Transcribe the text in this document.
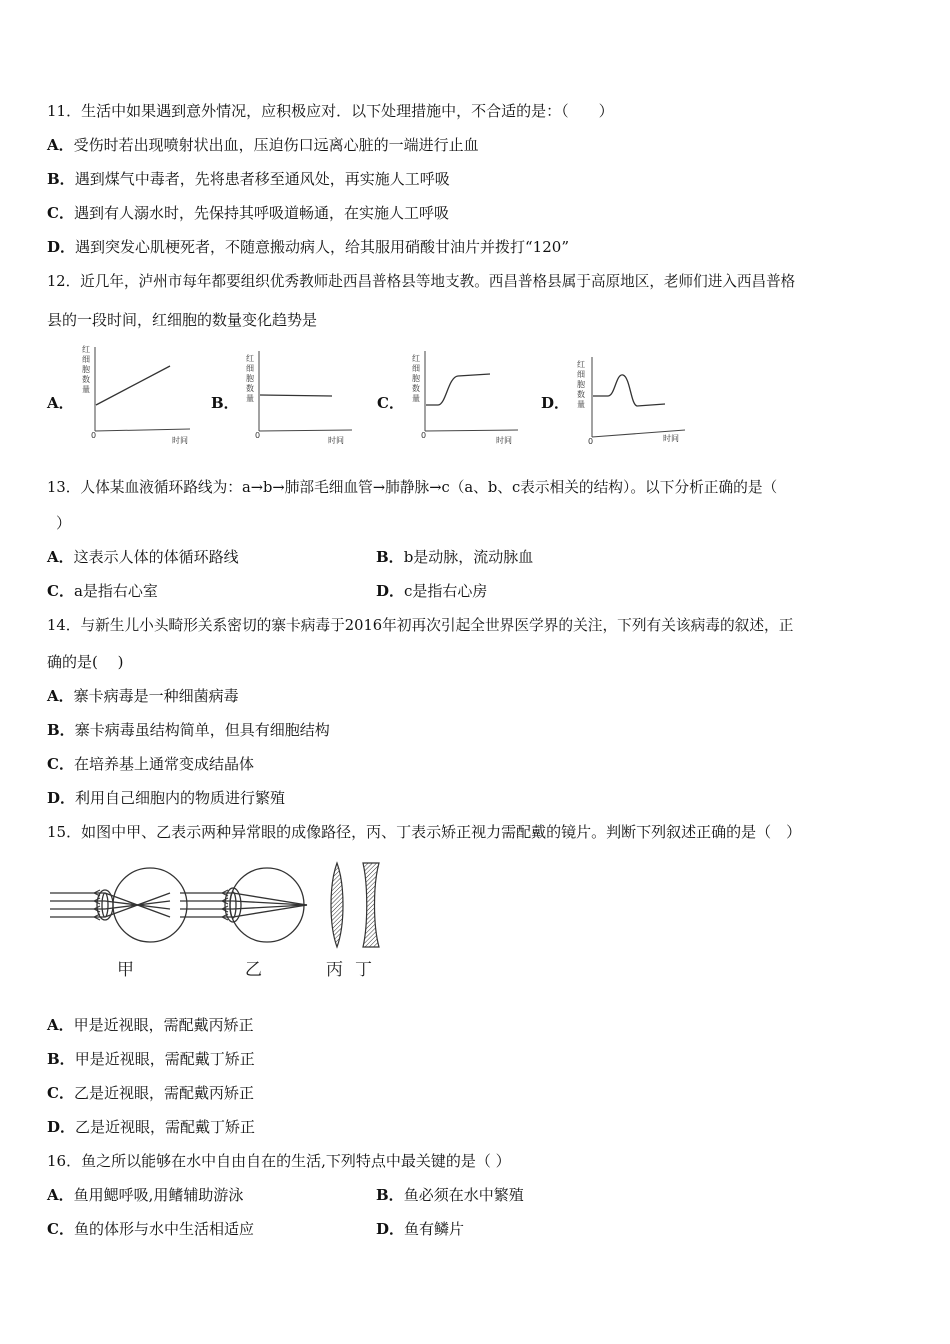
11．生活中如果遇到意外情况，应积极应对．以下处理措施中，不合适的是：（　　）
A．受伤时若出现喷射状出血，压迫伤口远离心脏的一端进行止血
B．遇到煤气中毒者，先将患者移至通风处，再实施人工呼吸
C．遇到有人溺水时，先保持其呼吸道畅通，在实施人工呼吸
D．遇到突发心肌梗死者，不随意搬动病人，给其服用硝酸甘油片并拨打“120”
12．近几年，泸州市每年都要组织优秀教师赴西昌普格县等地支教。西昌普格县属于高原地区，老师们进入西昌普格
县的一段时间，红细胞的数量变化趋势是
A．
红
细
胞
数
量
0
时间
B．
红
细
胞
数
量
0
时间
C．
红
细
胞
数
量
0
时间
D．
红
细
胞
数
量
0	时间
13．人体某血液循环路线为：a→b→肺部毛细血管→肺静脉→c（a、b、c表示相关的结构）。以下分析正确的是（
）
A．这表示人体的体循环路线	B．b是动脉，流动脉血
C．a是指右心室	D．c是指右心房
14．与新生儿小头畸形关系密切的寨卡病毒于2016年初再次引起全世界医学界的关注，下列有关该病毒的叙述，正
确的是(　 )
A．寨卡病毒是一种细菌病毒
B．寨卡病毒虽结构简单，但具有细胞结构
C．在培养基上通常变成结晶体
D．利用自己细胞内的物质进行繁殖
15．如图中甲、乙表示两种异常眼的成像路径，丙、丁表示矫正视力需配戴的镜片。判断下列叙述正确的是（　）
甲	乙	丙 丁
A．甲是近视眼，需配戴丙矫正
B．甲是近视眼，需配戴丁矫正
C．乙是近视眼，需配戴丙矫正
D．乙是近视眼，需配戴丁矫正
16．鱼之所以能够在水中自由自在的生活,下列特点中最关键的是（ ）
A．鱼用鳃呼吸,用鳍辅助游泳	B．鱼必须在水中繁殖
C．鱼的体形与水中生活相适应	D．鱼有鳞片
